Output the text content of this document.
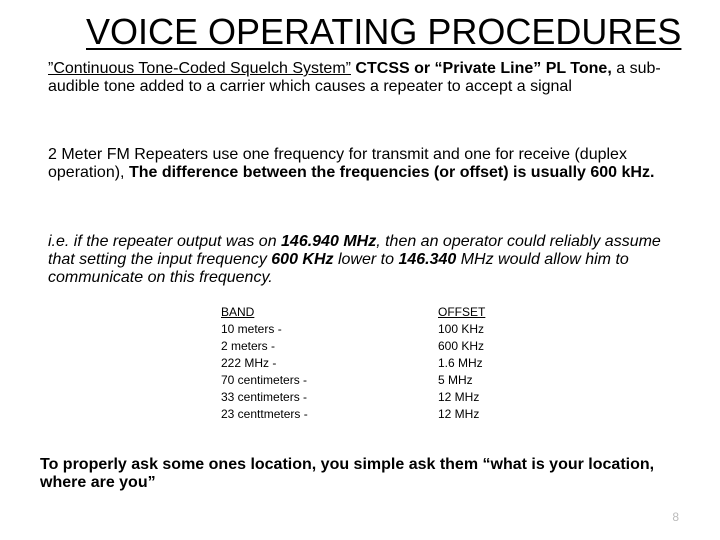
VOICE OPERATING PROCEDURES
”Continuous Tone-Coded Squelch System” CTCSS or “Private Line” PL Tone, a sub-audible tone added to a carrier which causes a repeater to accept a signal
2 Meter FM Repeaters use one frequency for transmit and one for receive (duplex operation), The difference between the frequencies (or offset) is usually 600 kHz.
i.e. if the repeater output was on 146.940 MHz, then an operator could reliably assume that setting the input frequency 600 KHz lower to 146.340 MHz would allow him to communicate on this frequency.
BAND
10 meters -
2 meters -
222 MHz -
70 centimeters -
33 centimeters -
23 centtmeters -
OFFSET
100 KHz
600 KHz
1.6 MHz
5 MHz
12 MHz
12 MHz
To properly ask some ones location, you simple ask them “what is your location, where are you”
8
